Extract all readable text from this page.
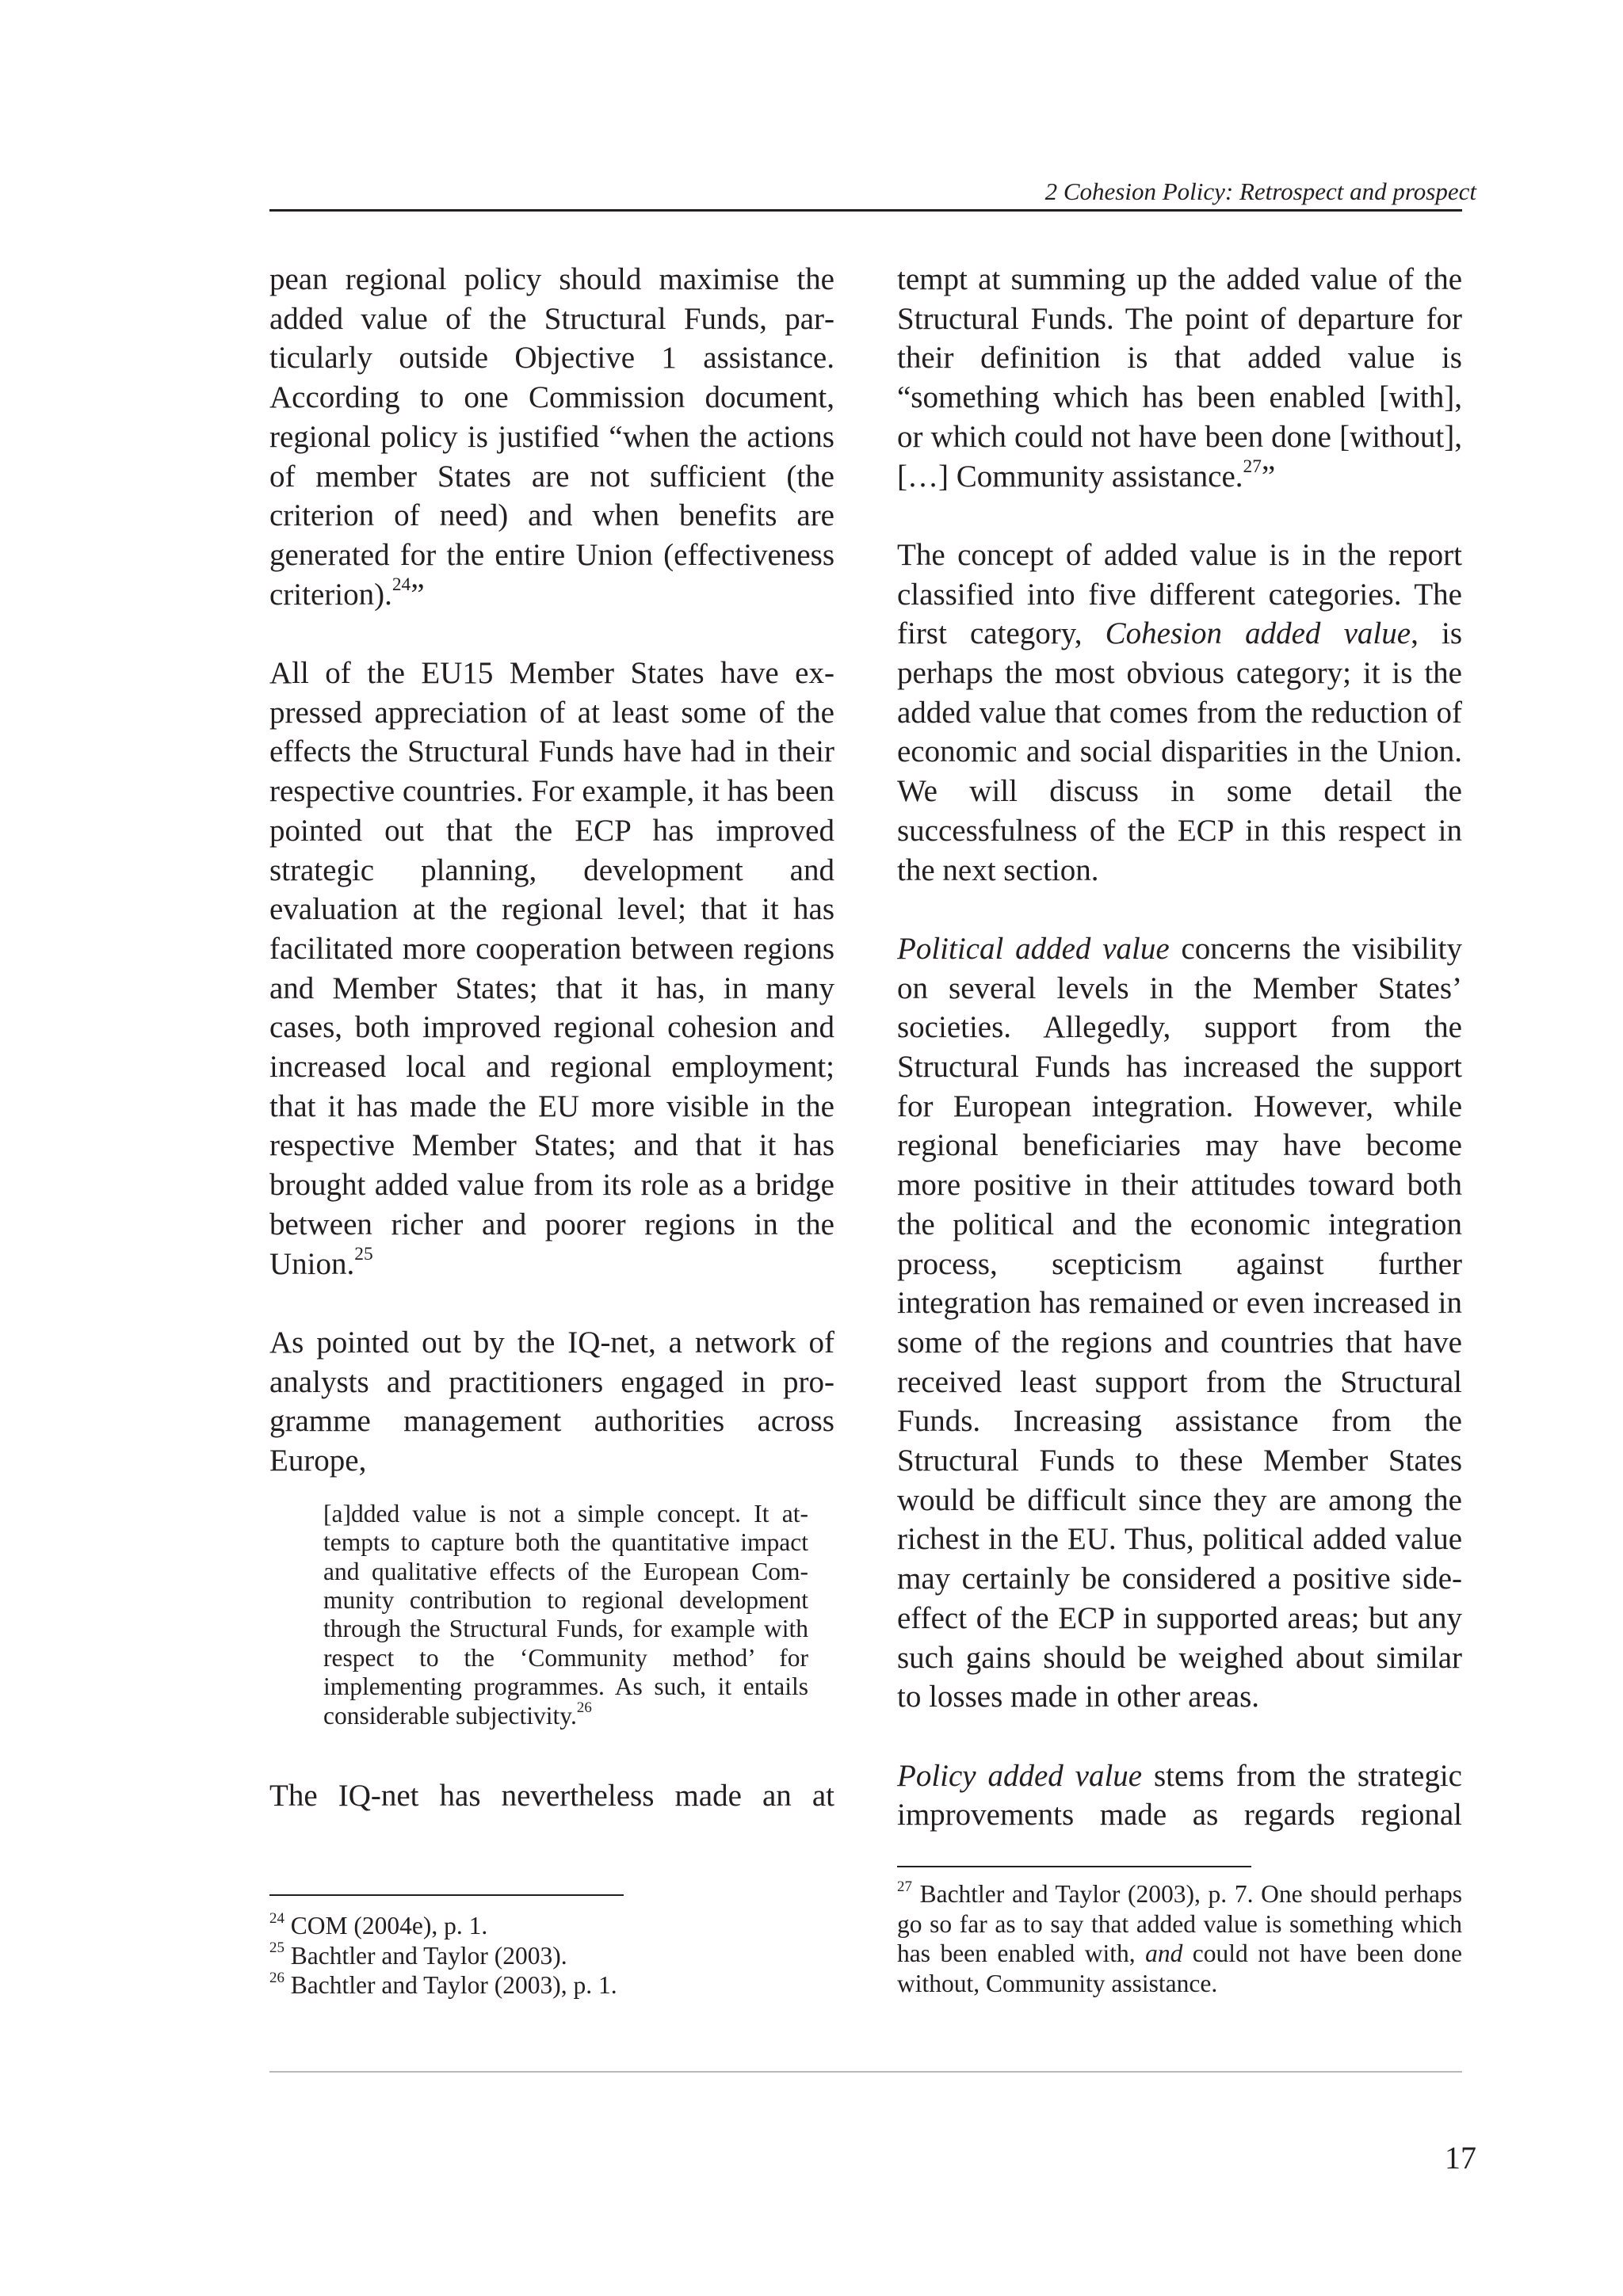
2 Cohesion Policy: Retrospect and prospect

pean regional policy should maximise the added value of the Structural Funds, particularly outside Objective 1 assistance. According to one Commission document, regional policy is justified “when the actions of member States are not sufficient (the criterion of need) and when benefits are generated for the entire Union (effectiveness criterion).$^{24}$”

All of the EU15 Member States have expressed appreciation of at least some of the effects the Structural Funds have had in their respective countries. For example, it has been pointed out that the ECP has improved strategic planning, development and evaluation at the regional level; that it has facilitated more cooperation between regions and Member States; that it has, in many cases, both improved regional cohesion and increased local and regional employment; that it has made the EU more visible in the respective Member States; and that it has brought added value from its role as a bridge between richer and poorer regions in the Union.$^{25}$

As pointed out by the IQ-net, a network of analysts and practitioners engaged in programme management authorities across Europe,

[a]dded value is not a simple concept. It attempts to capture both the quantitative impact and qualitative effects of the European Community contribution to regional development through the Structural Funds, for example with respect to the ‘Community method’ for implementing programmes. As such, it entails considerable subjectivity.$^{26}$

The IQ-net has nevertheless made an at

tempt at summing up the added value of the Structural Funds. The point of departure for their definition is that added value is “something which has been enabled [with], or which could not have been done [without], […] Community assistance.$^{27}$”

The concept of added value is in the report classified into five different categories. The first category, Cohesion added value, is perhaps the most obvious category; it is the added value that comes from the reduction of economic and social disparities in the Union. We will discuss in some detail the successfulness of the ECP in this respect in the next section.

Political added value concerns the visibility on several levels in the Member States’ societies. Allegedly, support from the Structural Funds has increased the support for European integration. However, while regional beneficiaries may have become more positive in their attitudes toward both the political and the economic integration process, scepticism against further integration has remained or even increased in some of the regions and countries that have received least support from the Structural Funds. Increasing assistance from the Structural Funds to these Member States would be difficult since they are among the richest in the EU. Thus, political added value may certainly be considered a positive side-effect of the ECP in supported areas; but any such gains should be weighed about similar to losses made in other areas.

Policy added value stems from the strategic improvements made as regards regional

$^{24}$ COM (2004e), p. 1.

$^{25}$ Bachtler and Taylor (2003).

$^{26}$ Bachtler and Taylor (2003), p. 1.

$^{27}$ Bachtler and Taylor (2003), p. 7. One should perhaps go so far as to say that added value is something which has been enabled with, and could not have been done without, Community assistance.

17
